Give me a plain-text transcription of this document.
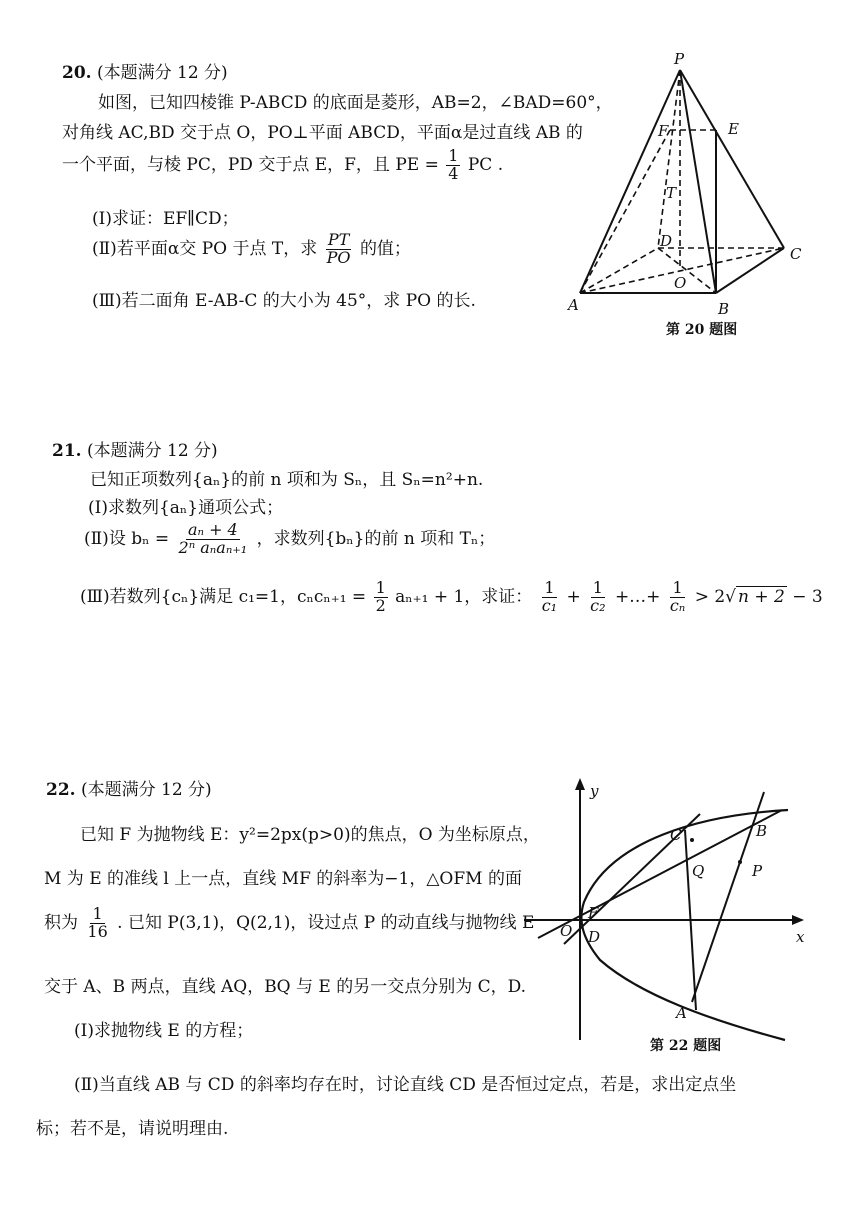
20. (本题满分 12 分)
如图，已知四棱锥 P-ABCD 的底面是菱形，AB=2，∠BAD=60°，
对角线 AC,BD 交于点 O，PO⊥平面 ABCD，平面α是过直线 AB 的
一个平面，与棱 PC，PD 交于点 E，F，且 PE = $\frac{1}{4}$ PC .
(Ⅰ)求证：EF∥CD；
(Ⅱ)若平面α交 PO 于点 T，求 $\frac{PT}{PO}$ 的值；
(Ⅲ)若二面角 E-AB-C 的大小为 45°，求 PO 的长.
P
E
F
T
D
C
O
A	B
第 20 题图
21. (本题满分 12 分)
已知正项数列{aₙ}的前 n 项和为 Sₙ，且 Sₙ=n²+n.
(Ⅰ)求数列{aₙ}通项公式；
(Ⅱ)设 $b_n = \frac{\text{aₙ + 4}}{\text{2ⁿ aₙaₙ₊₁}}$ ，求数列{bₙ}的前 n 项和 Tₙ；
(Ⅲ)若数列{cₙ}满足 c₁=1，$c_nc_{n+1} = \frac{1}{2} a_{n+1} + 1$，求证： $\frac{1}{\text{c₁}} + \frac{1}{\text{c₂}}$ +…+ $\frac{1}{\text{cₙ}} > 2√$ n + 2 − 3
22. (本题满分 12 分)
已知 F 为抛物线 E：y²=2px(p>0)的焦点，O 为坐标原点，
M 为 E 的准线 l 上一点，直线 MF 的斜率为−1，△OFM 的面
积为 $\frac{1}{16}$ . 已知 P(3,1)，Q(2,1)，设过点 P 的动直线与抛物线 E
交于 A、B 两点，直线 AQ，BQ 与 E 的另一交点分别为 C，D.
(Ⅰ)求抛物线 E 的方程；
(Ⅱ)当直线 AB 与 CD 的斜率均存在时，讨论直线 CD 是否恒过定点，若是，求出定点坐
标；若不是，请说明理由.
y
x
C	B
Q	P
F
O D
A
第 22 题图
